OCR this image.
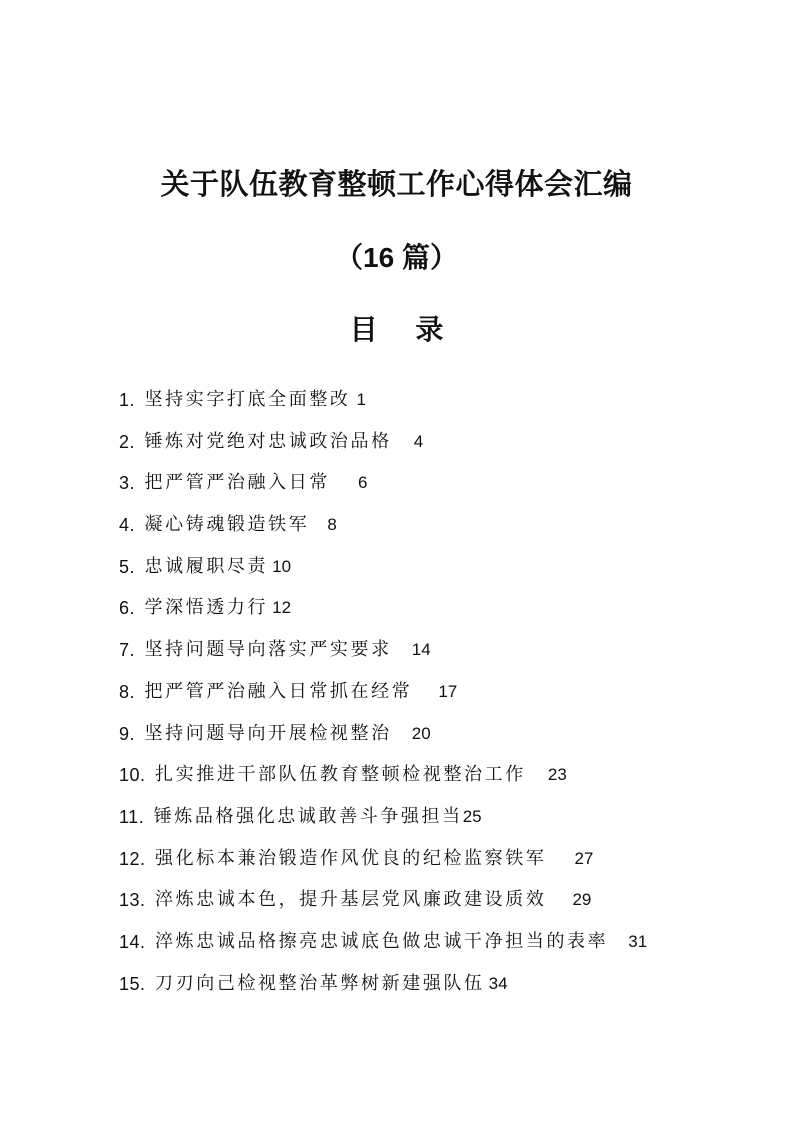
关于队伍教育整顿工作心得体会汇编
（16 篇）
目 录
1 . 坚持实字打底全面整改 1
2 . 锤炼对党绝对忠诚政治品格 4
3 . 把严管严治融入日常 6
4 . 凝心铸魂锻造铁军 8
5 . 忠诚履职尽责 10
6 . 学深悟透力行 12
7 . 坚持问题导向落实严实要求 14
8 . 把严管严治融入日常抓在经常 17
9 . 坚持问题导向开展检视整治 20
10 . 扎实推进干部队伍教育整顿检视整治工作 23
11 . 锤炼品格强化忠诚敢善斗争强担当 25
12 . 强化标本兼治锻造作风优良的纪检监察铁军 27
13 . 淬炼忠诚本色，提升基层党风廉政建设质效 29
14 . 淬炼忠诚品格擦亮忠诚底色做忠诚干净担当的表率 31
15 . 刀刃向己检视整治革弊树新建强队伍 34
